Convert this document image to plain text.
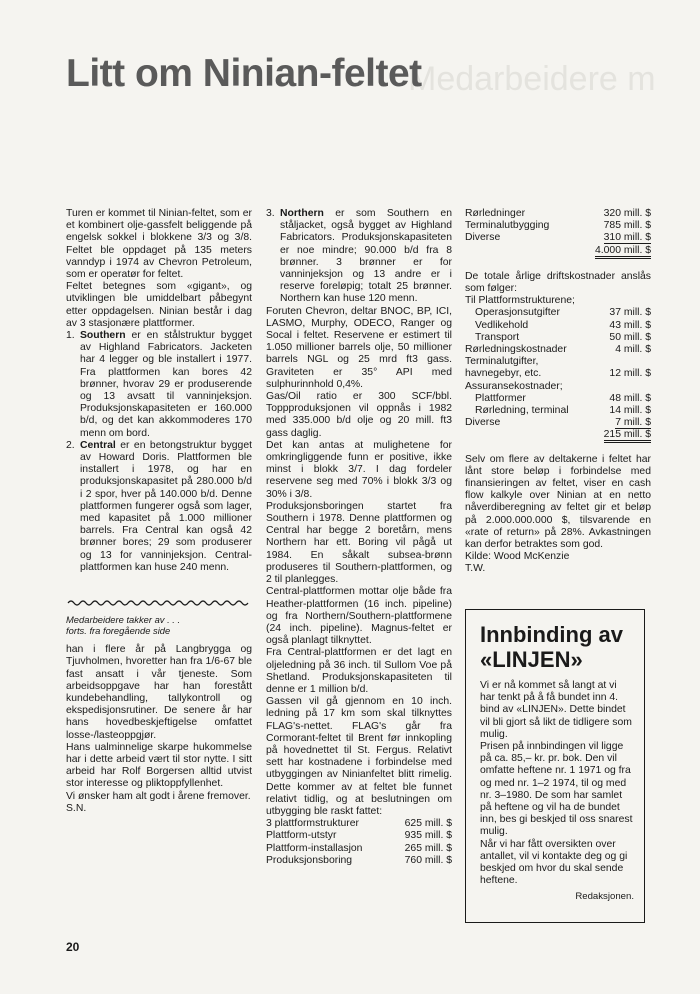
Medarbeidere m
Litt om Ninian-feltet

Turen er kommet til Ninian-feltet, som er et kombinert olje-gassfelt beliggende på engelsk sokkel i blokkene 3/3 og 3/8. Feltet ble oppdaget på 135 meters vanndyp i 1974 av Chevron Petroleum, som er operatør for feltet.

Feltet betegnes som «gigant», og utviklingen ble umiddelbart påbegynt etter oppdagelsen. Ninian består i dag av 3 stasjonære plattformer.

1. Southern er en stålstruktur bygget av Highland Fabricators. Jacketen har 4 legger og ble installert i 1977. Fra plattformen kan bores 42 brønner, hvorav 29 er produserende og 13 avsatt til vanninjeksjon. Produksjonskapasiteten er 160.000 b/d, og det kan akkommoderes 170 menn om bord.
2. Central er en betongstruktur bygget av Howard Doris. Plattformen ble installert i 1978, og har en produksjonskapasitet på 280.000 b/d i 2 spor, hver på 140.000 b/d. Denne plattformen fungerer også som lager, med kapasitet på 1.000 millioner barrels. Fra Central kan også 42 brønner bores; 29 som produserer og 13 for vanninjeksjon. Central-plattformen kan huse 240 menn.
Medarbeidere takker av . . .
forts. fra foregående side

han i flere år på Langbrygga og Tjuvholmen, hvoretter han fra 1/6-67 ble fast ansatt i vår tjeneste. Som arbeidsoppgave har han forestått kundebehandling, tallykontroll og ekspedisjonsrutiner. De senere år har hans hovedbeskjeftigelse omfattet losse-/lasteoppgjør.

Hans ualminnelige skarpe hukommelse har i dette arbeid vært til stor nytte. I sitt arbeid har Rolf Borgersen alltid utvist stor interesse og pliktoppfyllenhet.

Vi ønsker ham alt godt i årene fremover.

S.N.

3. Northern er som Southern en ståljacket, også bygget av Highland Fabricators. Produksjonskapasiteten er noe mindre; 90.000 b/d fra 8 brønner. 3 brønner er for vanninjeksjon og 13 andre er i reserve foreløpig; totalt 25 brønner. Northern kan huse 120 menn.

Foruten Chevron, deltar BNOC, BP, ICI, LASMO, Murphy, ODECO, Ranger og Socal i feltet. Reservene er estimert til 1.050 millioner barrels olje, 50 millioner barrels NGL og 25 mrd ft3 gass. Graviteten er 35° API med sulphurinnhold 0,4%.

Gas/Oil ratio er 300 SCF/bbl. Toppproduksjonen vil oppnås i 1982 med 335.000 b/d olje og 20 mill. ft3 gass daglig.

Det kan antas at mulighetene for omkringliggende funn er positive, ikke minst i blokk 3/7. I dag fordeler reservene seg med 70% i blokk 3/3 og 30% i 3/8.

Produksjonsboringen startet fra Southern i 1978. Denne plattformen og Central har begge 2 boretårn, mens Northern har ett. Boring vil pågå ut 1984. En såkalt subsea-brønn produseres til Southern-plattformen, og 2 til planlegges.

Central-plattformen mottar olje både fra Heather-plattformen (16 inch. pipeline) og fra Northern/Southern-plattformene (24 inch. pipeline). Magnus-feltet er også planlagt tilknyttet.

Fra Central-plattformen er det lagt en oljeledning på 36 inch. til Sullom Voe på Shetland. Produksjonskapasiteten til denne er 1 million b/d.

Gassen vil gå gjennom en 10 inch. ledning på 17 km som skal tilknyttes FLAG's-nettet. FLAG's går fra Cormorant-feltet til Brent før innkopling på hovednettet til St. Fergus. Relativt sett har kostnadene i forbindelse med utbyggingen av Ninianfeltet blitt rimelig. Dette kommer av at feltet ble funnet relativt tidlig, og at beslutningen om utbygging ble raskt fattet:

3 plattformstrukturer	625 mill. $
Plattform-utstyr	935 mill. $
Plattform-installasjon	265 mill. $
Produksjonsboring	760 mill. $
Rørledninger	320 mill. $
Terminalutbygging	785 mill. $
Diverse	310 mill. $
	4.000 mill. $

De totale årlige driftskostnader anslås som følger:

Til Plattformstrukturene;	
Operasjonsutgifter	37 mill. $
Vedlikehold	43 mill. $
Transport	50 mill. $
Rørledningskostnader	4 mill. $
Terminalutgifter, havnegebyr, etc.	12 mill. $
Assuransekostnader;	
Plattformer	48 mill. $
Rørledning, terminal	14 mill. $
Diverse	7 mill. $
	215 mill. $

Selv om flere av deltakerne i feltet har lånt store beløp i forbindelse med finansieringen av feltet, viser en cash flow kalkyle over Ninian at en netto nåverdiberegning av feltet gir et beløp på 2.000.000.000 $, tilsvarende en «rate of return» på 28%. Avkastningen kan derfor betraktes som god.

Kilde: Wood McKenzie

T.W.

Innbinding av
«LINJEN»

Vi er nå kommet så langt at vi har tenkt på å få bundet inn 4. bind av «LINJEN». Dette bindet vil bli gjort så likt de tidligere som mulig.

Prisen på innbindingen vil ligge på ca. 85,– kr. pr. bok. Den vil omfatte heftene nr. 1 1971 og fra og med nr. 1–2 1974, til og med nr. 3–1980. De som har samlet på heftene og vil ha de bundet inn, bes gi beskjed til oss snarest mulig.

Når vi har fått oversikten over antallet, vil vi kontakte deg og gi beskjed om hvor du skal sende heftene.

Redaksjonen.

20
